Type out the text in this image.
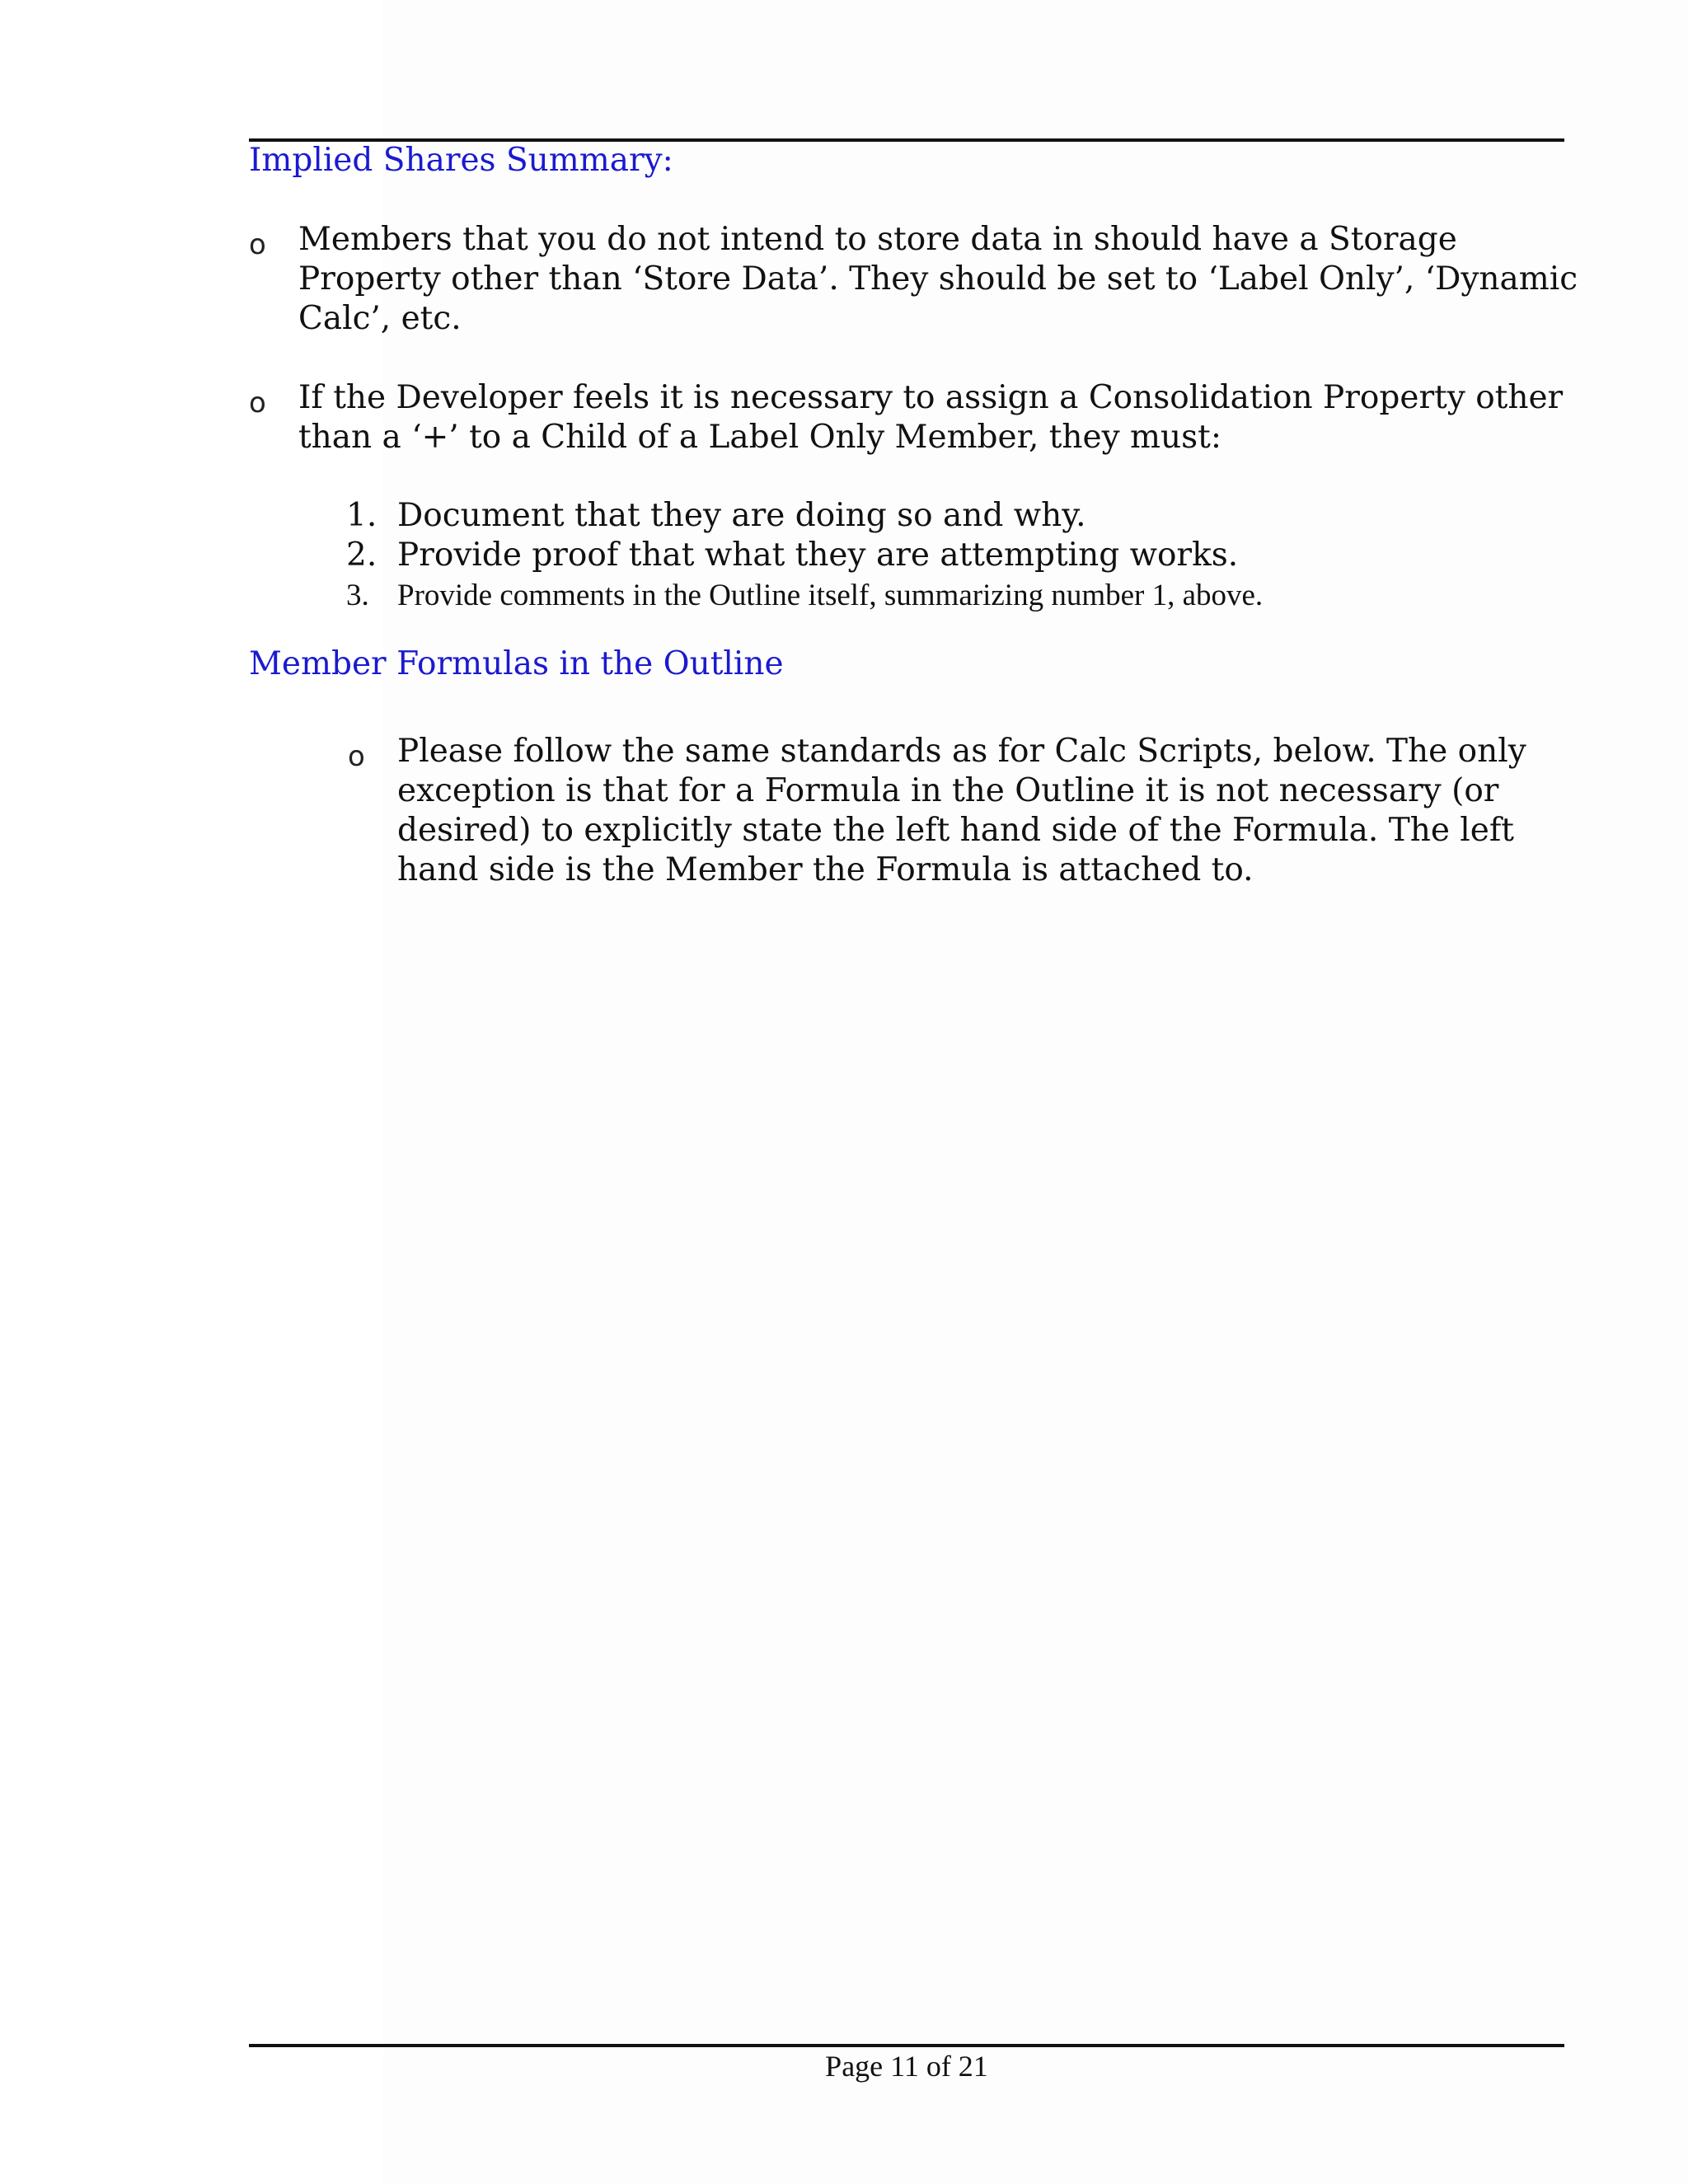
Implied Shares Summary:
o Members that you do not intend to store data in should have a Storage
Property other than ‘Store Data’. They should be set to ‘Label Only’, ‘Dynamic
Calc’, etc.
o If the Developer feels it is necessary to assign a Consolidation Property other
than a ‘+’ to a Child of a Label Only Member, they must:
1. Document that they are doing so and why.
2. Provide proof that what they are attempting works.
3. Provide comments in the Outline itself, summarizing number 1, above.
Member Formulas in the Outline
o Please follow the same standards as for Calc Scripts, below. The only
exception is that for a Formula in the Outline it is not necessary (or
desired) to explicitly state the left hand side of the Formula. The left
hand side is the Member the Formula is attached to.
Page 11 of 21
